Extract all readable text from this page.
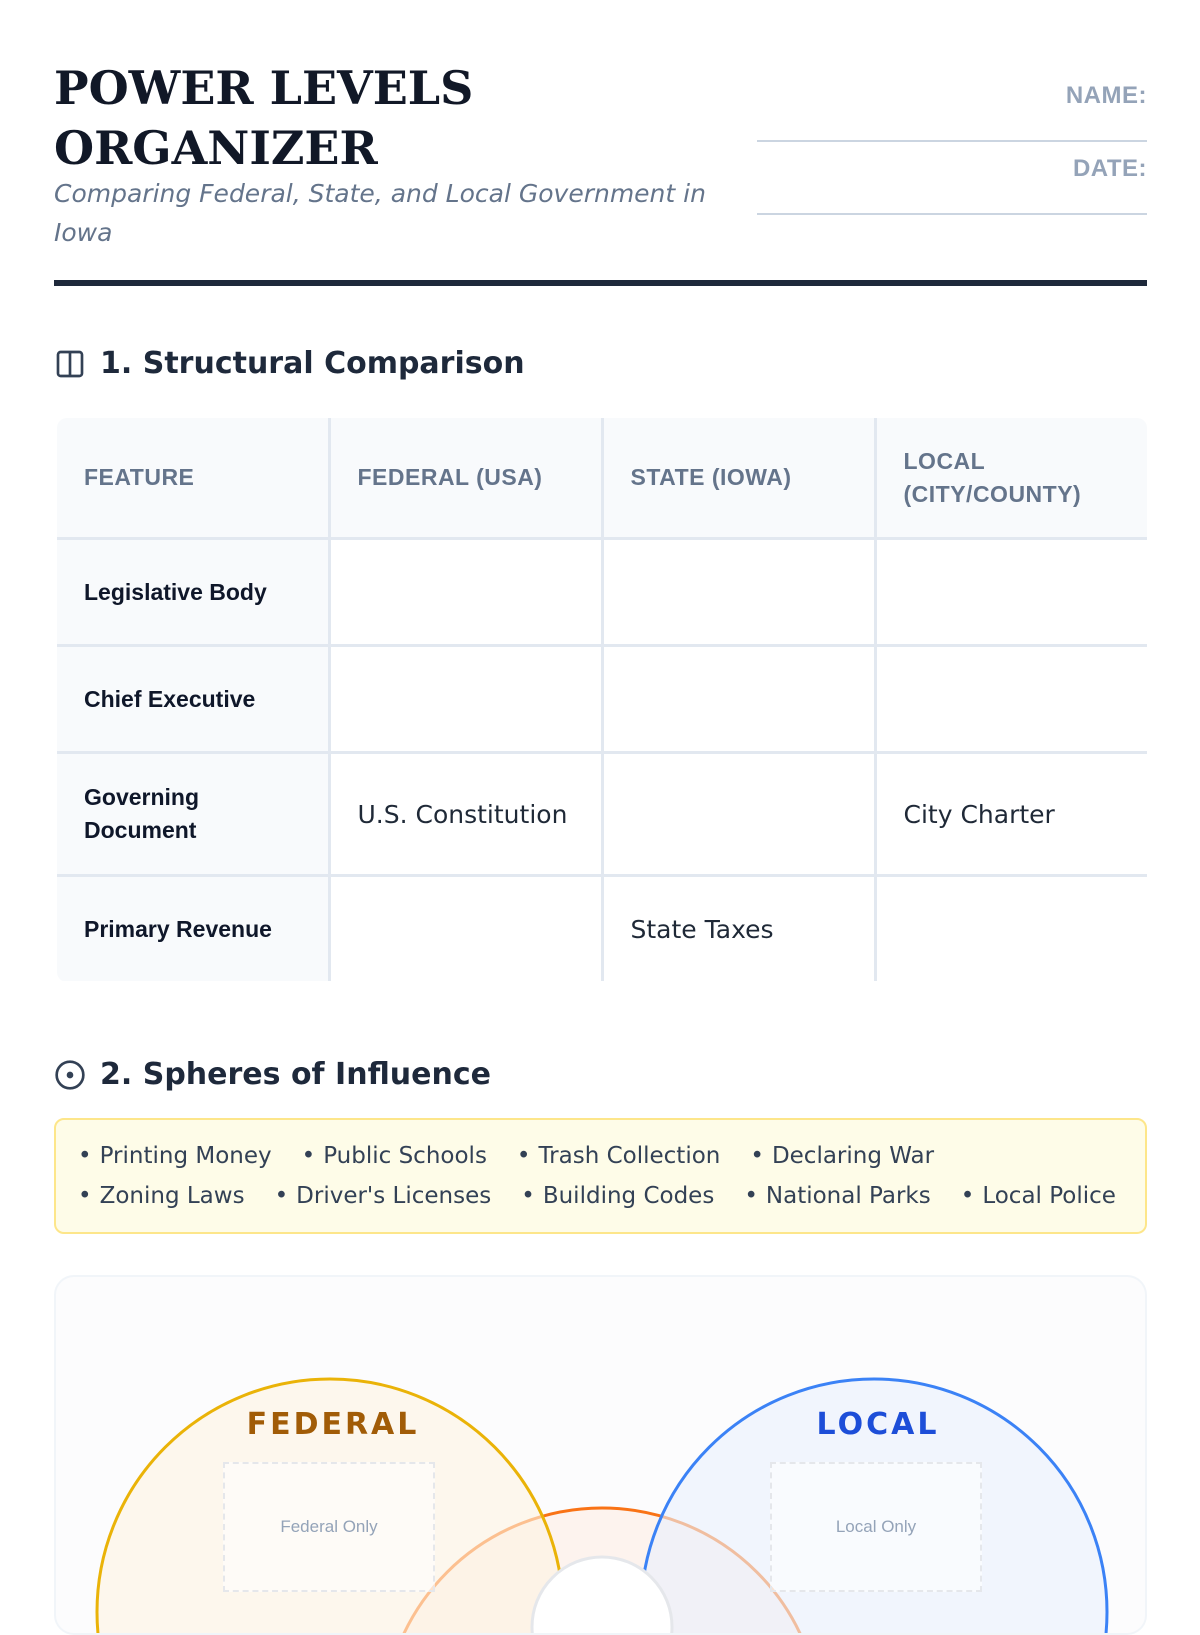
POWER LEVELS ORGANIZER

Comparing Federal, State, and Local Government in Iowa

NAME:
DATE:
1. Structural Comparison
FEATURE	FEDERAL (USA)	STATE (IOWA)	LOCAL (CITY/COUNTY)
Legislative Body			
Chief Executive			
Governing Document	U.S. Constitution		City Charter
Primary Revenue		State Taxes	
2. Spheres of Influence
• Printing Money	• Public Schools	• Trash Collection	• Declaring War
• Zoning Laws	• Driver's Licenses	• Building Codes	• National Parks	• Local Police
FEDERAL	LOCAL
Federal Only	Local Only
